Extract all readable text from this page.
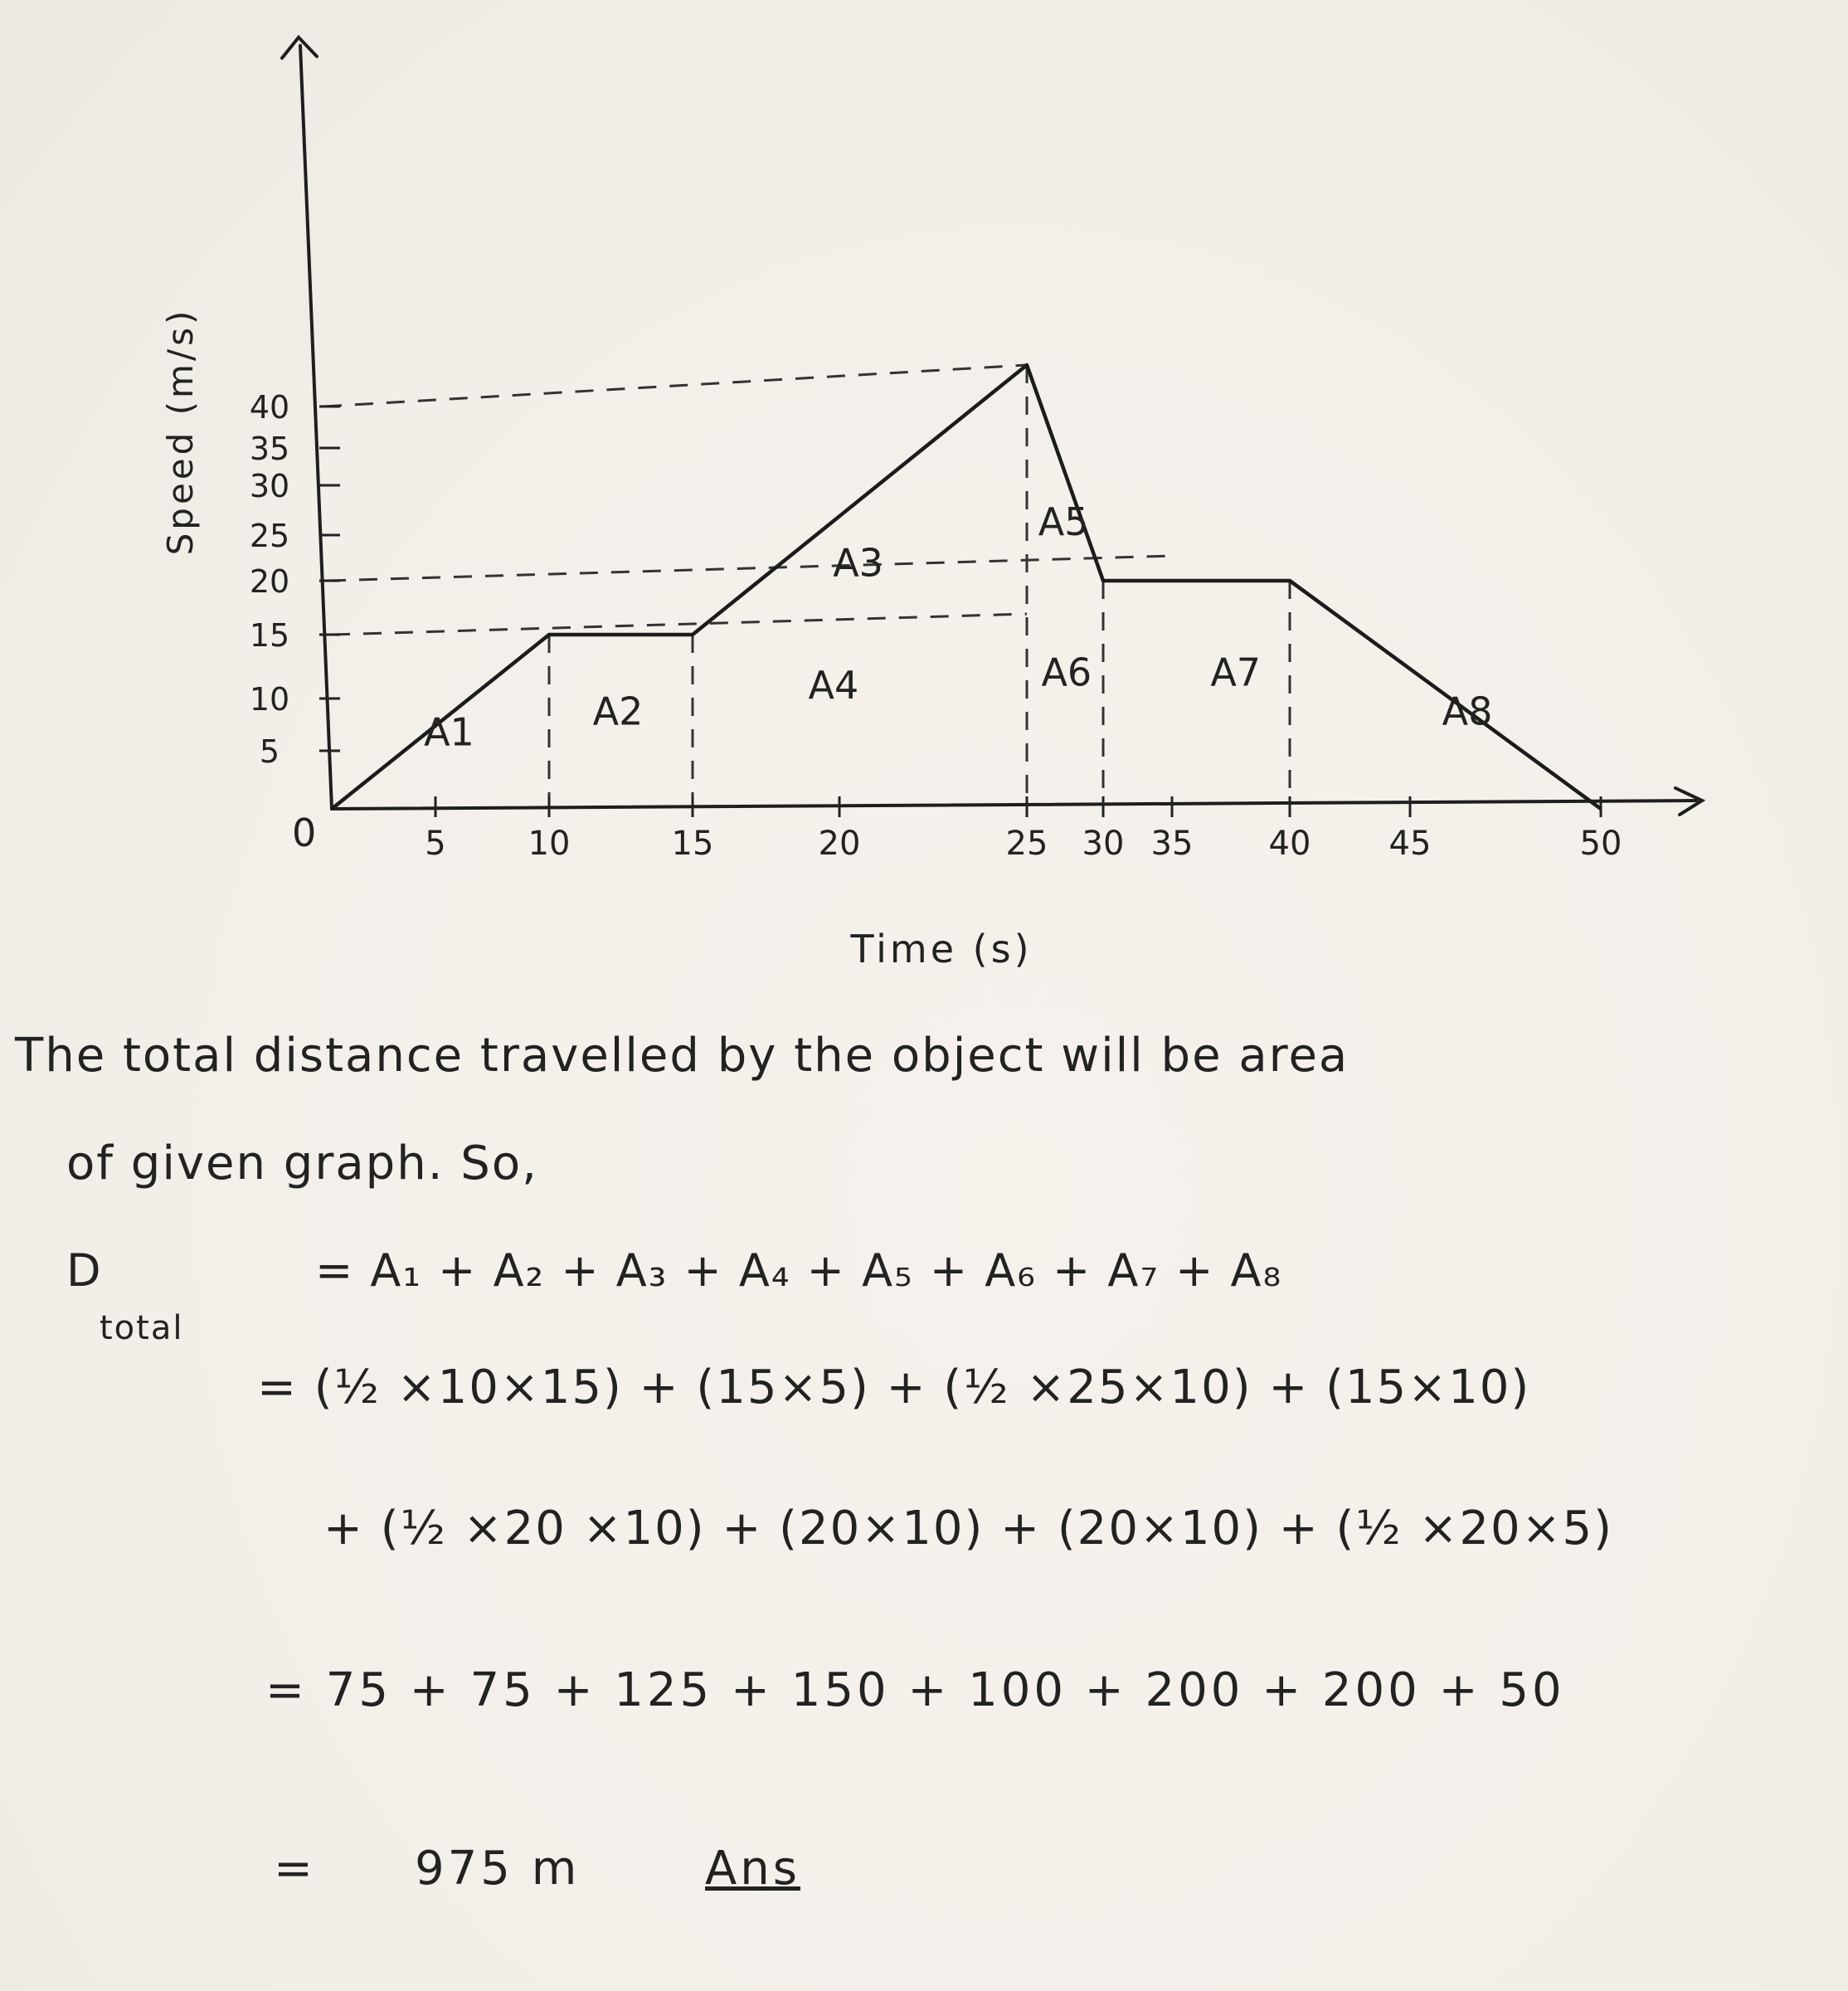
5 10	15	20	25 30 35 40 45	50
5
10
15
20
25
30
35
40
A1	A2
A3
A4
A5
A6	A7
A8
0
Speed (m/s)
Time (s)
The total distance travelled by the object will be area
of given graph. So,
D
total
= A₁ + A₂ + A₃ + A₄ + A₅ + A₆ + A₇ + A₈
= (½ ×10×15) + (15×5) + (½ ×25×10) + (15×10)
+ (½ ×20 ×10) + (20×10) + (20×10) + (½ ×20×5)
= 75 + 75 + 125 + 150 + 100 + 200 + 200 + 50
= 975 m	Ans
